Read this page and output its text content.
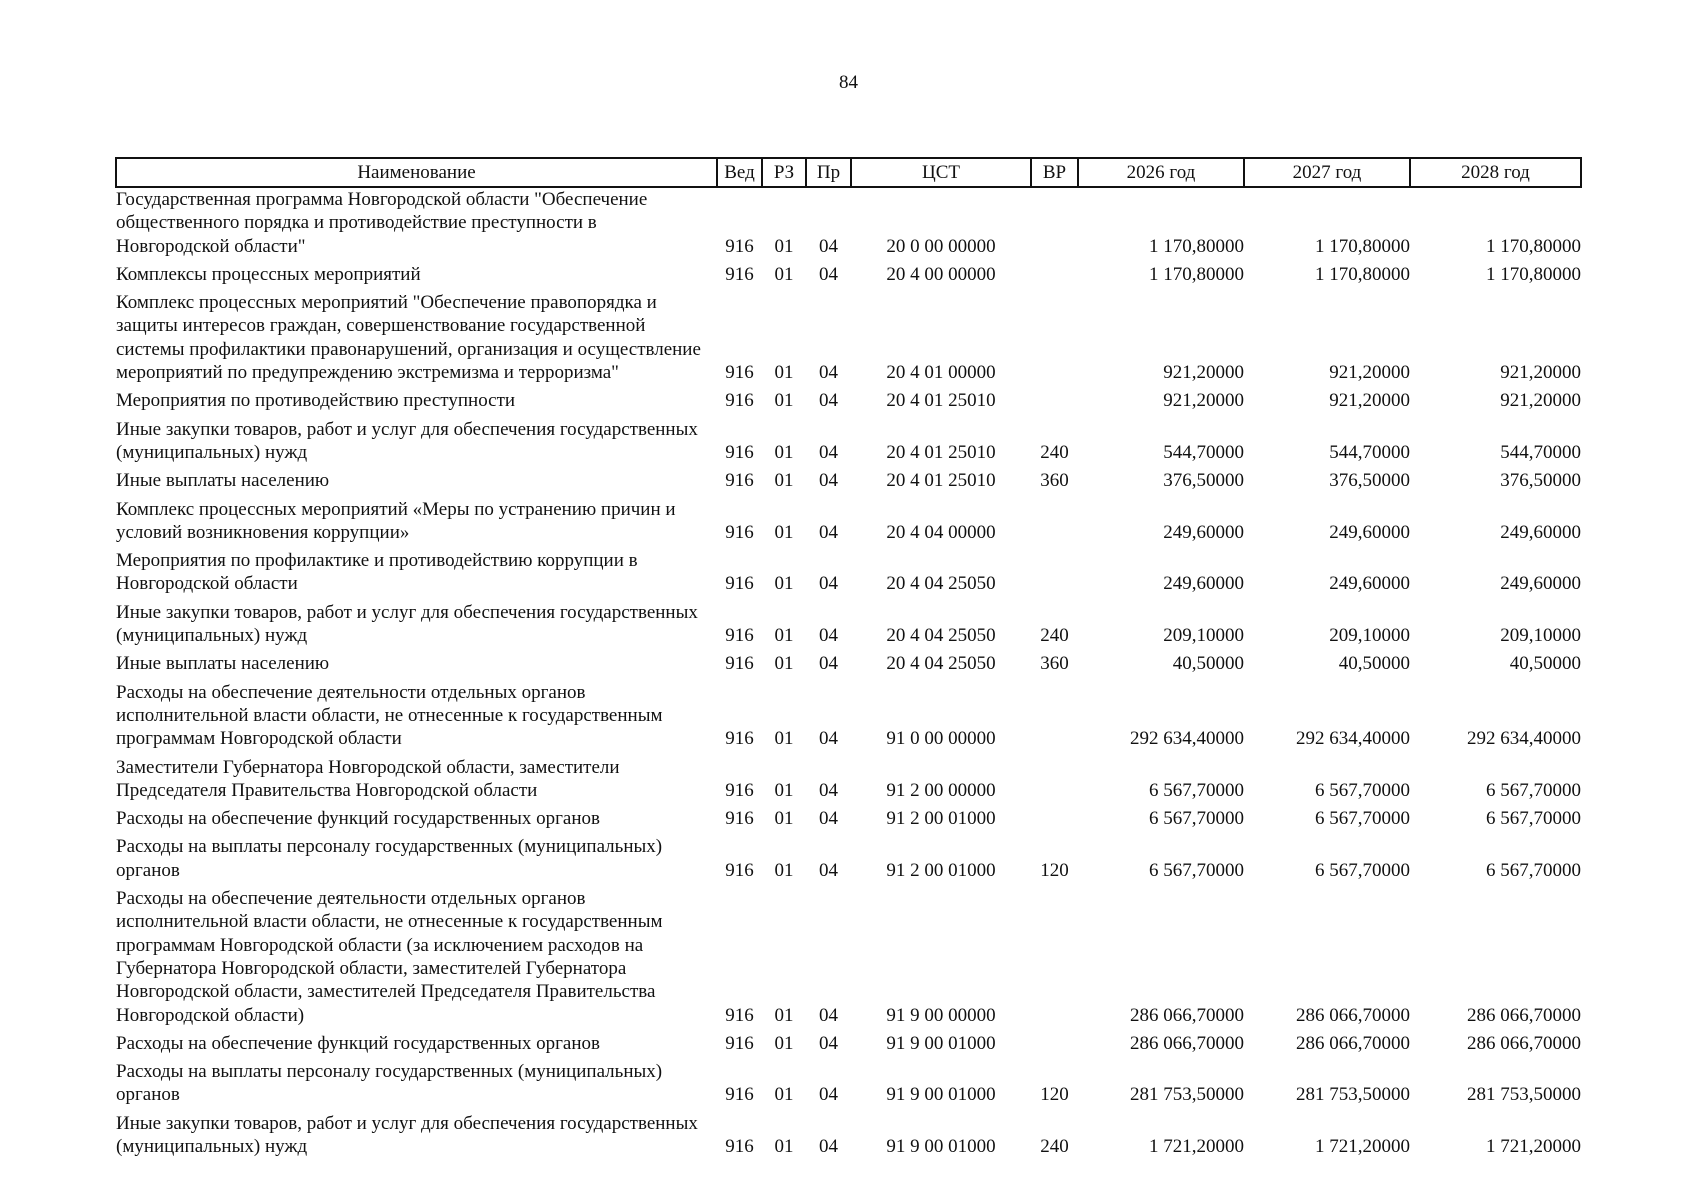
84
Наименование	Вед	РЗ	Пр	ЦСТ	ВР	2026 год	2027 год	2028 год
Государственная программа Новгородской области "Обеспечение общественного порядка и противодействие преступности в Новгородской области"	916	01	04	20 0 00 00000		1 170,80000	1 170,80000	1 170,80000
Комплексы процессных мероприятий	916	01	04	20 4 00 00000		1 170,80000	1 170,80000	1 170,80000
Комплекс процессных мероприятий "Обеспечение правопорядка и защиты интересов граждан, совершенствование государственной системы профилактики правонарушений, организация и осуществление мероприятий по предупреждению экстремизма и терроризма"	916	01	04	20 4 01 00000		921,20000	921,20000	921,20000
Мероприятия по противодействию преступности	916	01	04	20 4 01 25010		921,20000	921,20000	921,20000
Иные закупки товаров, работ и услуг для обеспечения государственных (муниципальных) нужд	916	01	04	20 4 01 25010	240	544,70000	544,70000	544,70000
Иные выплаты населению	916	01	04	20 4 01 25010	360	376,50000	376,50000	376,50000
Комплекс процессных мероприятий «Меры по устранению причин и условий возникновения коррупции»	916	01	04	20 4 04 00000		249,60000	249,60000	249,60000
Мероприятия по профилактике и противодействию коррупции в Новгородской области	916	01	04	20 4 04 25050		249,60000	249,60000	249,60000
Иные закупки товаров, работ и услуг для обеспечения государственных (муниципальных) нужд	916	01	04	20 4 04 25050	240	209,10000	209,10000	209,10000
Иные выплаты населению	916	01	04	20 4 04 25050	360	40,50000	40,50000	40,50000
Расходы на обеспечение деятельности отдельных органов исполнительной власти области, не отнесенные к государственным программам Новгородской области	916	01	04	91 0 00 00000		292 634,40000	292 634,40000	292 634,40000
Заместители Губернатора Новгородской области, заместители Председателя Правительства Новгородской области	916	01	04	91 2 00 00000		6 567,70000	6 567,70000	6 567,70000
Расходы на обеспечение функций государственных органов	916	01	04	91 2 00 01000		6 567,70000	6 567,70000	6 567,70000
Расходы на выплаты персоналу государственных (муниципальных) органов	916	01	04	91 2 00 01000	120	6 567,70000	6 567,70000	6 567,70000
Расходы на обеспечение деятельности отдельных органов исполнительной власти области, не отнесенные к государственным программам Новгородской области (за исключением расходов на Губернатора Новгородской области, заместителей Губернатора Новгородской области, заместителей Председателя Правительства Новгородской области)	916	01	04	91 9 00 00000		286 066,70000	286 066,70000	286 066,70000
Расходы на обеспечение функций государственных органов	916	01	04	91 9 00 01000		286 066,70000	286 066,70000	286 066,70000
Расходы на выплаты персоналу государственных (муниципальных) органов	916	01	04	91 9 00 01000	120	281 753,50000	281 753,50000	281 753,50000
Иные закупки товаров, работ и услуг для обеспечения государственных (муниципальных) нужд	916	01	04	91 9 00 01000	240	1 721,20000	1 721,20000	1 721,20000
